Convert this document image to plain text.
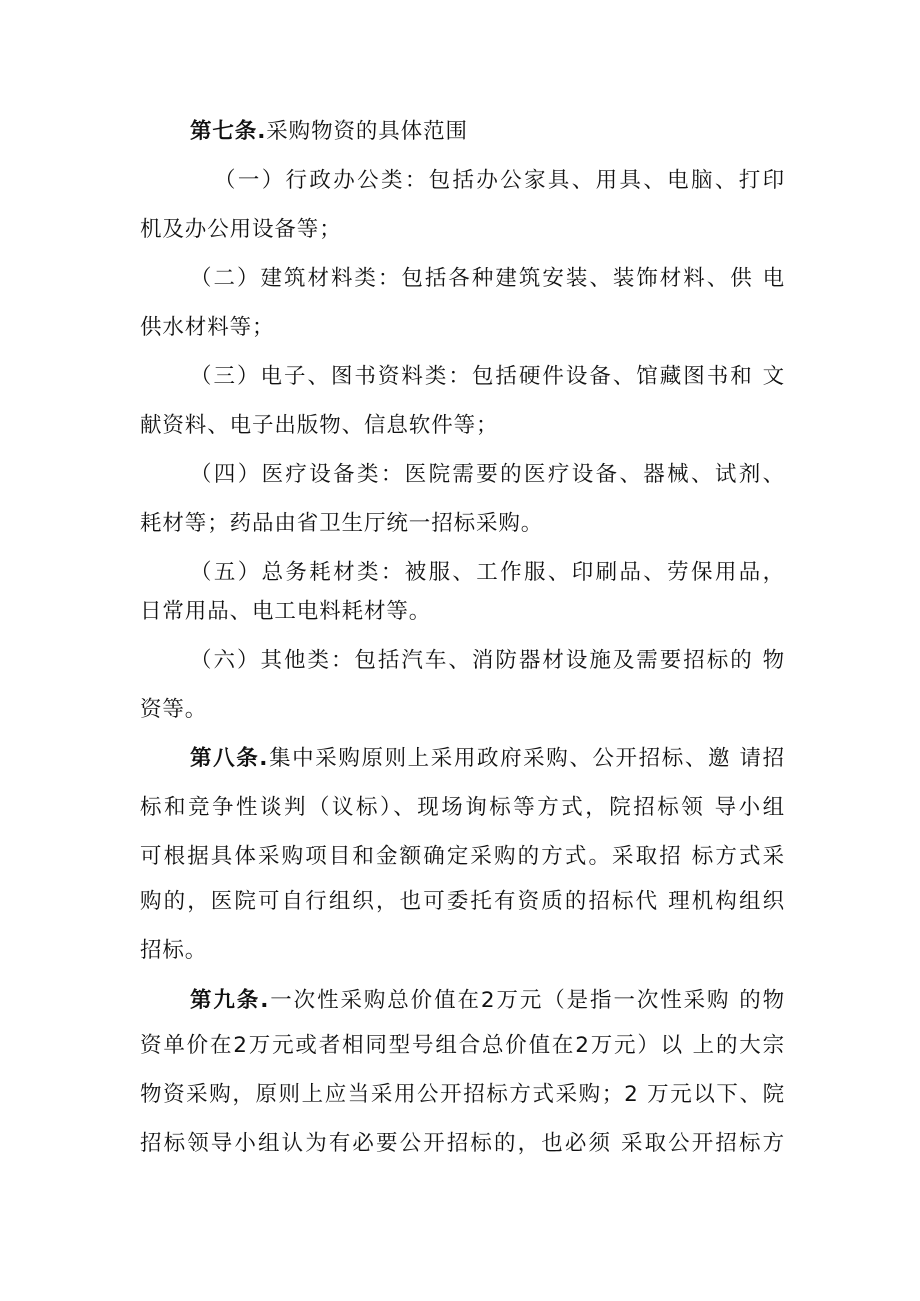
第七条.采购物资的具体范围
（一）行政办公类：包括办公家具、用具、电脑、打印
机及办公用设备等；
（二）建筑材料类：包括各种建筑安装、装饰材料、供 电
供水材料等；
（三）电子、图书资料类：包括硬件设备、馆藏图书和 文
献资料、电子出版物、信息软件等；
（四）医疗设备类：医院需要的医疗设备、器械、试剂、
耗材等；药品由省卫生厅统一招标采购。
（五）总务耗材类：被服、工作服、印刷品、劳保用品，
日常用品、电工电料耗材等。
（六）其他类：包括汽车、消防器材设施及需要招标的 物
资等。
第八条.集中采购原则上采用政府采购、公开招标、邀 请招
标和竞争性谈判（议标）、现场询标等方式，院招标领 导小组
可根据具体采购项目和金额确定采购的方式。采取招 标方式采
购的，医院可自行组织，也可委托有资质的招标代 理机构组织
招标。
第九条.一次性采购总价值在2万元（是指一次性采购 的物
资单价在2万元或者相同型号组合总价值在2万元）以 上的大宗
物资采购，原则上应当采用公开招标方式采购；2 万元以下、院
招标领导小组认为有必要公开招标的，也必须 采取公开招标方
